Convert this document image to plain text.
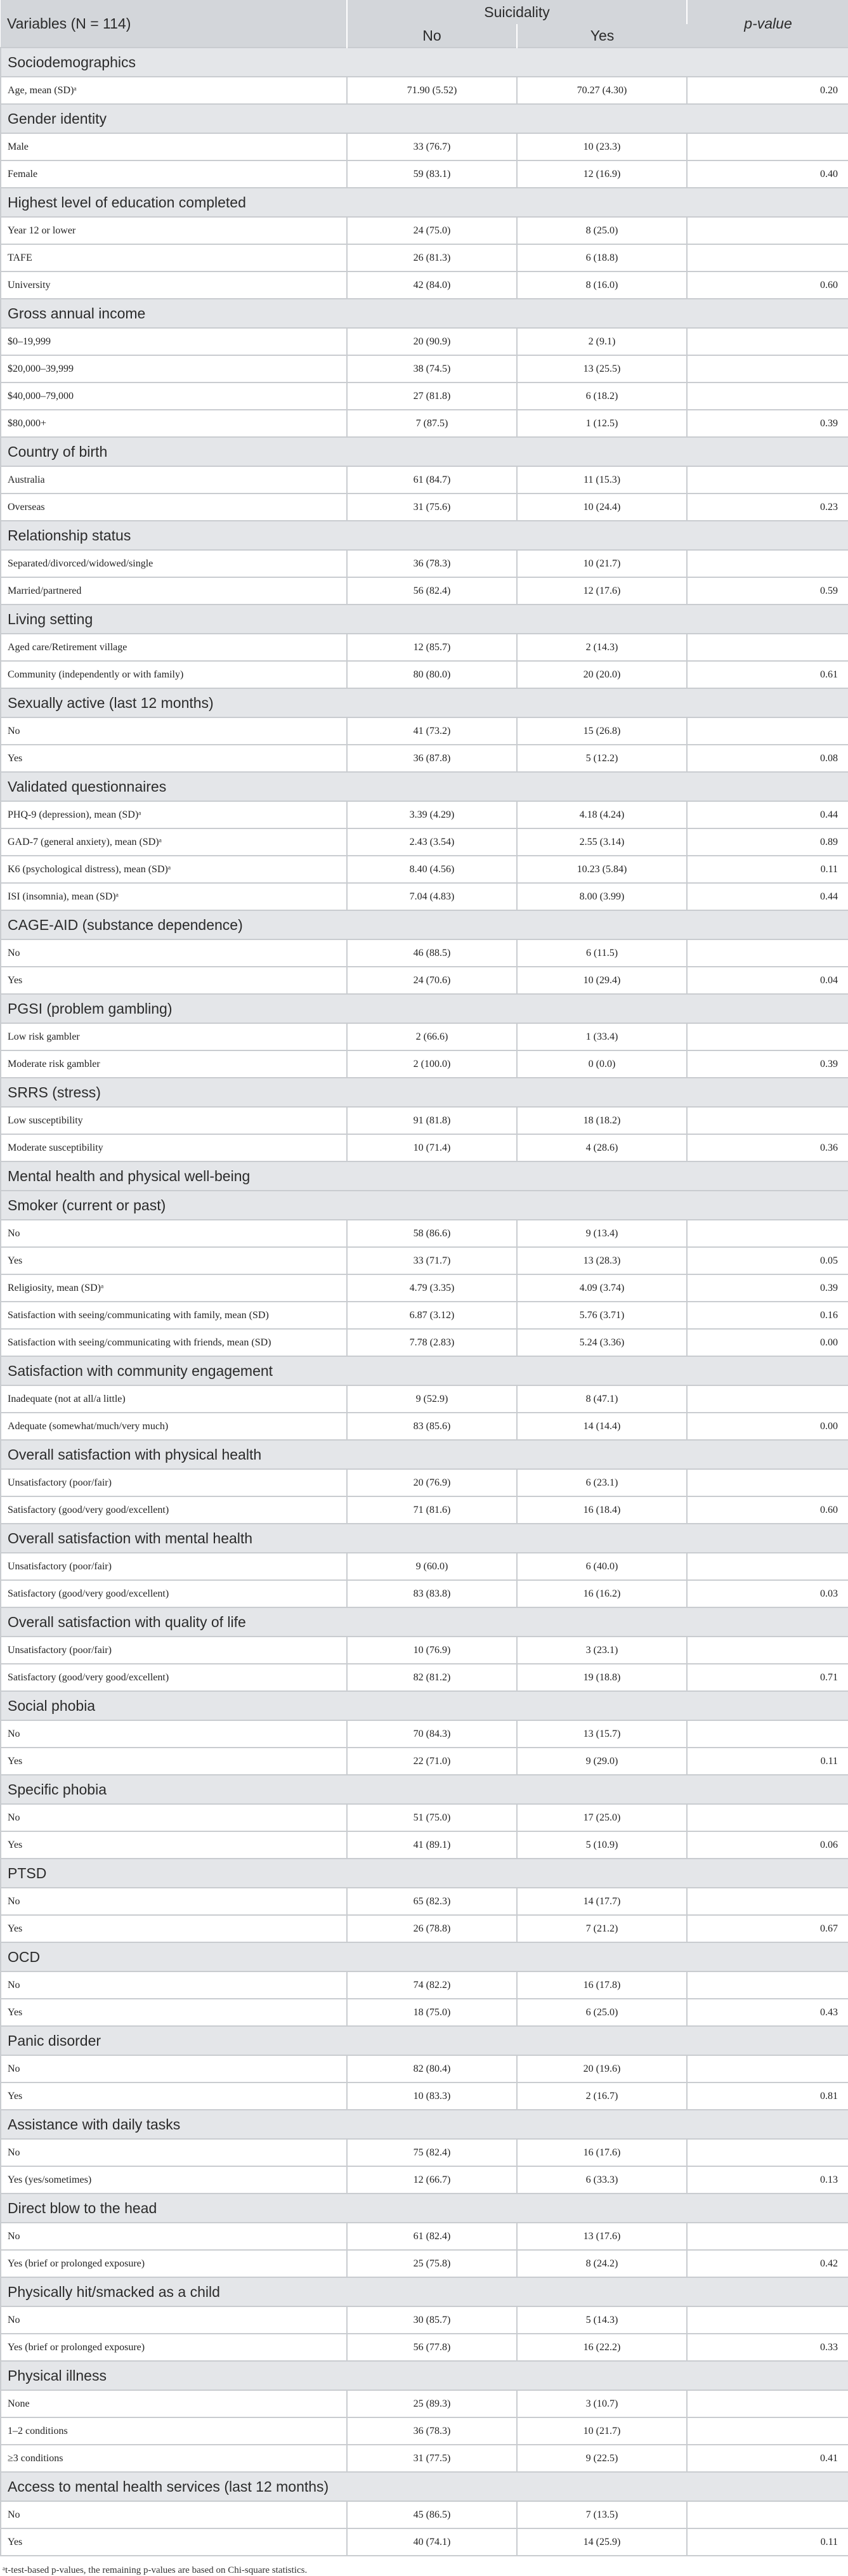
Variables (N = 114)	Suicidality		p-value
	No	Yes	
Sociodemographics			
Age, mean (SD)ᵃ	71.90 (5.52)	70.27 (4.30)	0.20
Gender identity			
Male	33 (76.7)	10 (23.3)	
Female	59 (83.1)	12 (16.9)	0.40
Highest level of education completed			
Year 12 or lower	24 (75.0)	8 (25.0)	
TAFE	26 (81.3)	6 (18.8)	
University	42 (84.0)	8 (16.0)	0.60
Gross annual income			
$0–19,999	20 (90.9)	2 (9.1)	
$20,000–39,999	38 (74.5)	13 (25.5)	
$40,000–79,000	27 (81.8)	6 (18.2)	
$80,000+	7 (87.5)	1 (12.5)	0.39
Country of birth			
Australia	61 (84.7)	11 (15.3)	
Overseas	31 (75.6)	10 (24.4)	0.23
Relationship status			
Separated/divorced/widowed/single	36 (78.3)	10 (21.7)	
Married/partnered	56 (82.4)	12 (17.6)	0.59
Living setting			
Aged care/Retirement village	12 (85.7)	2 (14.3)	
Community (independently or with family)	80 (80.0)	20 (20.0)	0.61
Sexually active (last 12 months)			
No	41 (73.2)	15 (26.8)	
Yes	36 (87.8)	5 (12.2)	0.08
Validated questionnaires			
PHQ-9 (depression), mean (SD)ᵃ	3.39 (4.29)	4.18 (4.24)	0.44
GAD-7 (general anxiety), mean (SD)ᵃ	2.43 (3.54)	2.55 (3.14)	0.89
K6 (psychological distress), mean (SD)ᵃ	8.40 (4.56)	10.23 (5.84)	0.11
ISI (insomnia), mean (SD)ᵃ	7.04 (4.83)	8.00 (3.99)	0.44
CAGE-AID (substance dependence)			
No	46 (88.5)	6 (11.5)	
Yes	24 (70.6)	10 (29.4)	0.04
PGSI (problem gambling)			
Low risk gambler	2 (66.6)	1 (33.4)	
Moderate risk gambler	2 (100.0)	0 (0.0)	0.39
SRRS (stress)			
Low susceptibility	91 (81.8)	18 (18.2)	
Moderate susceptibility	10 (71.4)	4 (28.6)	0.36
Mental health and physical well-being			
Smoker (current or past)			
No	58 (86.6)	9 (13.4)	
Yes	33 (71.7)	13 (28.3)	0.05
Religiosity, mean (SD)ᵃ	4.79 (3.35)	4.09 (3.74)	0.39
Satisfaction with seeing/communicating with family, mean (SD)	6.87 (3.12)	5.76 (3.71)	0.16
Satisfaction with seeing/communicating with friends, mean (SD)	7.78 (2.83)	5.24 (3.36)	0.00
Satisfaction with community engagement			
Inadequate (not at all/a little)	9 (52.9)	8 (47.1)	
Adequate (somewhat/much/very much)	83 (85.6)	14 (14.4)	0.00
Overall satisfaction with physical health			
Unsatisfactory (poor/fair)	20 (76.9)	6 (23.1)	
Satisfactory (good/very good/excellent)	71 (81.6)	16 (18.4)	0.60
Overall satisfaction with mental health			
Unsatisfactory (poor/fair)	9 (60.0)	6 (40.0)	
Satisfactory (good/very good/excellent)	83 (83.8)	16 (16.2)	0.03
Overall satisfaction with quality of life			
Unsatisfactory (poor/fair)	10 (76.9)	3 (23.1)	
Satisfactory (good/very good/excellent)	82 (81.2)	19 (18.8)	0.71
Social phobia			
No	70 (84.3)	13 (15.7)	
Yes	22 (71.0)	9 (29.0)	0.11
Specific phobia			
No	51 (75.0)	17 (25.0)	
Yes	41 (89.1)	5 (10.9)	0.06
PTSD			
No	65 (82.3)	14 (17.7)	
Yes	26 (78.8)	7 (21.2)	0.67
OCD			
No	74 (82.2)	16 (17.8)	
Yes	18 (75.0)	6 (25.0)	0.43
Panic disorder			
No	82 (80.4)	20 (19.6)	
Yes	10 (83.3)	2 (16.7)	0.81
Assistance with daily tasks			
No	75 (82.4)	16 (17.6)	
Yes (yes/sometimes)	12 (66.7)	6 (33.3)	0.13
Direct blow to the head			
No	61 (82.4)	13 (17.6)	
Yes (brief or prolonged exposure)	25 (75.8)	8 (24.2)	0.42
Physically hit/smacked as a child			
No	30 (85.7)	5 (14.3)	
Yes (brief or prolonged exposure)	56 (77.8)	16 (22.2)	0.33
Physical illness			
None	25 (89.3)	3 (10.7)	
1–2 conditions	36 (78.3)	10 (21.7)	
≥3 conditions	31 (77.5)	9 (22.5)	0.41
Access to mental health services (last 12 months)			
No	45 (86.5)	7 (13.5)	
Yes	40 (74.1)	14 (25.9)	0.11
ᵃt-test-based p-values, the remaining p-values are based on Chi-square statistics.
